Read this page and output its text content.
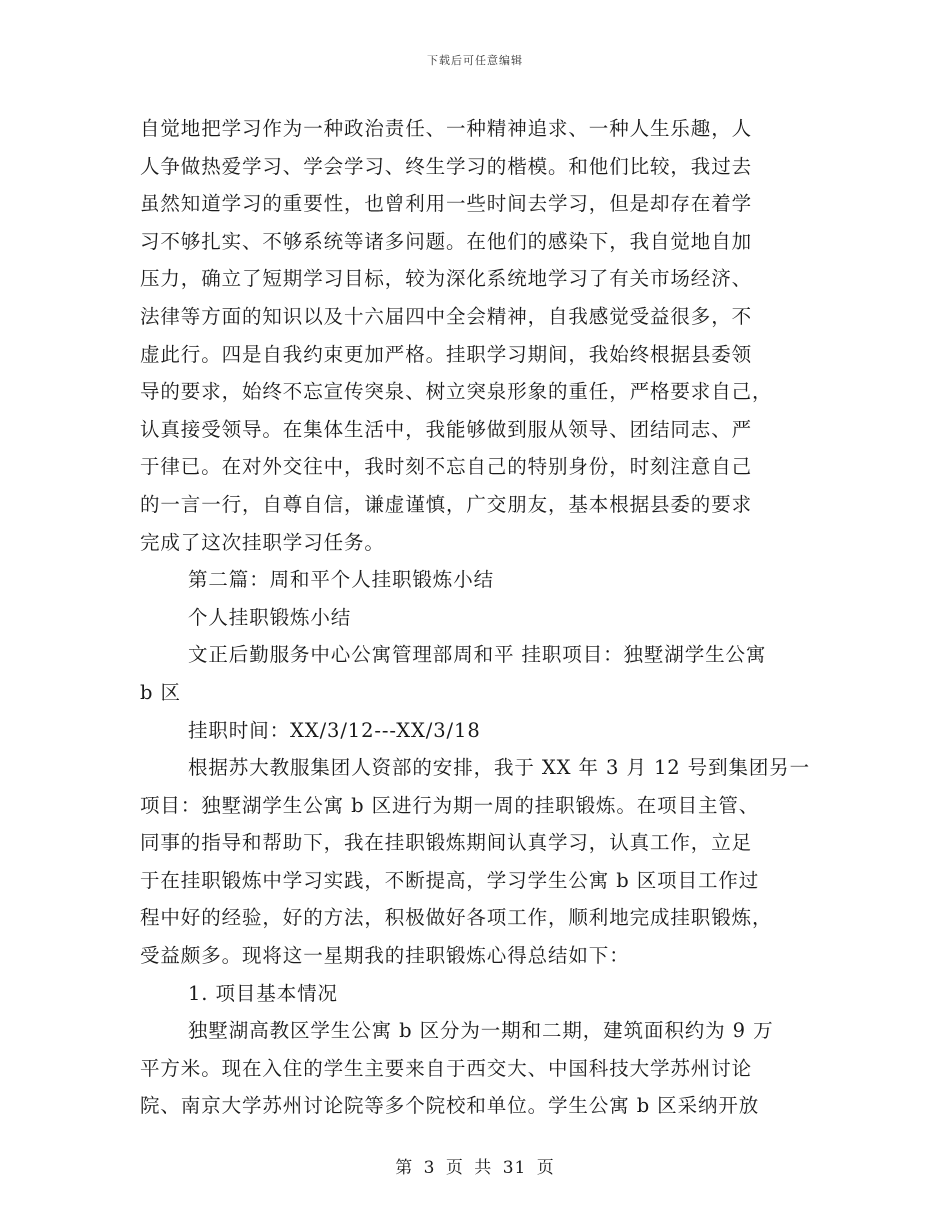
下载后可任意编辑
自觉地把学习作为一种政治责任、一种精神追求、一种人生乐趣，人
人争做热爱学习、学会学习、终生学习的楷模。和他们比较，我过去
虽然知道学习的重要性，也曾利用一些时间去学习，但是却存在着学
习不够扎实、不够系统等诸多问题。在他们的感染下，我自觉地自加
压力，确立了短期学习目标，较为深化系统地学习了有关市场经济、
法律等方面的知识以及十六届四中全会精神，自我感觉受益很多，不
虚此行。四是自我约束更加严格。挂职学习期间，我始终根据县委领
导的要求，始终不忘宣传突泉、树立突泉形象的重任，严格要求自己，
认真接受领导。在集体生活中，我能够做到服从领导、团结同志、严
于律已。在对外交往中，我时刻不忘自己的特别身份，时刻注意自己
的一言一行，自尊自信，谦虚谨慎，广交朋友，基本根据县委的要求
完成了这次挂职学习任务。
第二篇：周和平个人挂职锻炼小结
个人挂职锻炼小结
文正后勤服务中心公寓管理部周和平 挂职项目：独墅湖学生公寓
b 区
挂职时间：XX/3/12---XX/3/18
根据苏大教服集团人资部的安排，我于 XX 年 3 月 12 号到集团另一
项目：独墅湖学生公寓 b 区进行为期一周的挂职锻炼。在项目主管、
同事的指导和帮助下，我在挂职锻炼期间认真学习，认真工作，立足
于在挂职锻炼中学习实践，不断提高，学习学生公寓 b 区项目工作过
程中好的经验，好的方法，积极做好各项工作，顺利地完成挂职锻炼，
受益颇多。现将这一星期我的挂职锻炼心得总结如下：
1. 项目基本情况
独墅湖高教区学生公寓 b 区分为一期和二期，建筑面积约为 9 万
平方米。现在入住的学生主要来自于西交大、中国科技大学苏州讨论
院、南京大学苏州讨论院等多个院校和单位。学生公寓 b 区采纳开放
第 3 页 共 31 页
